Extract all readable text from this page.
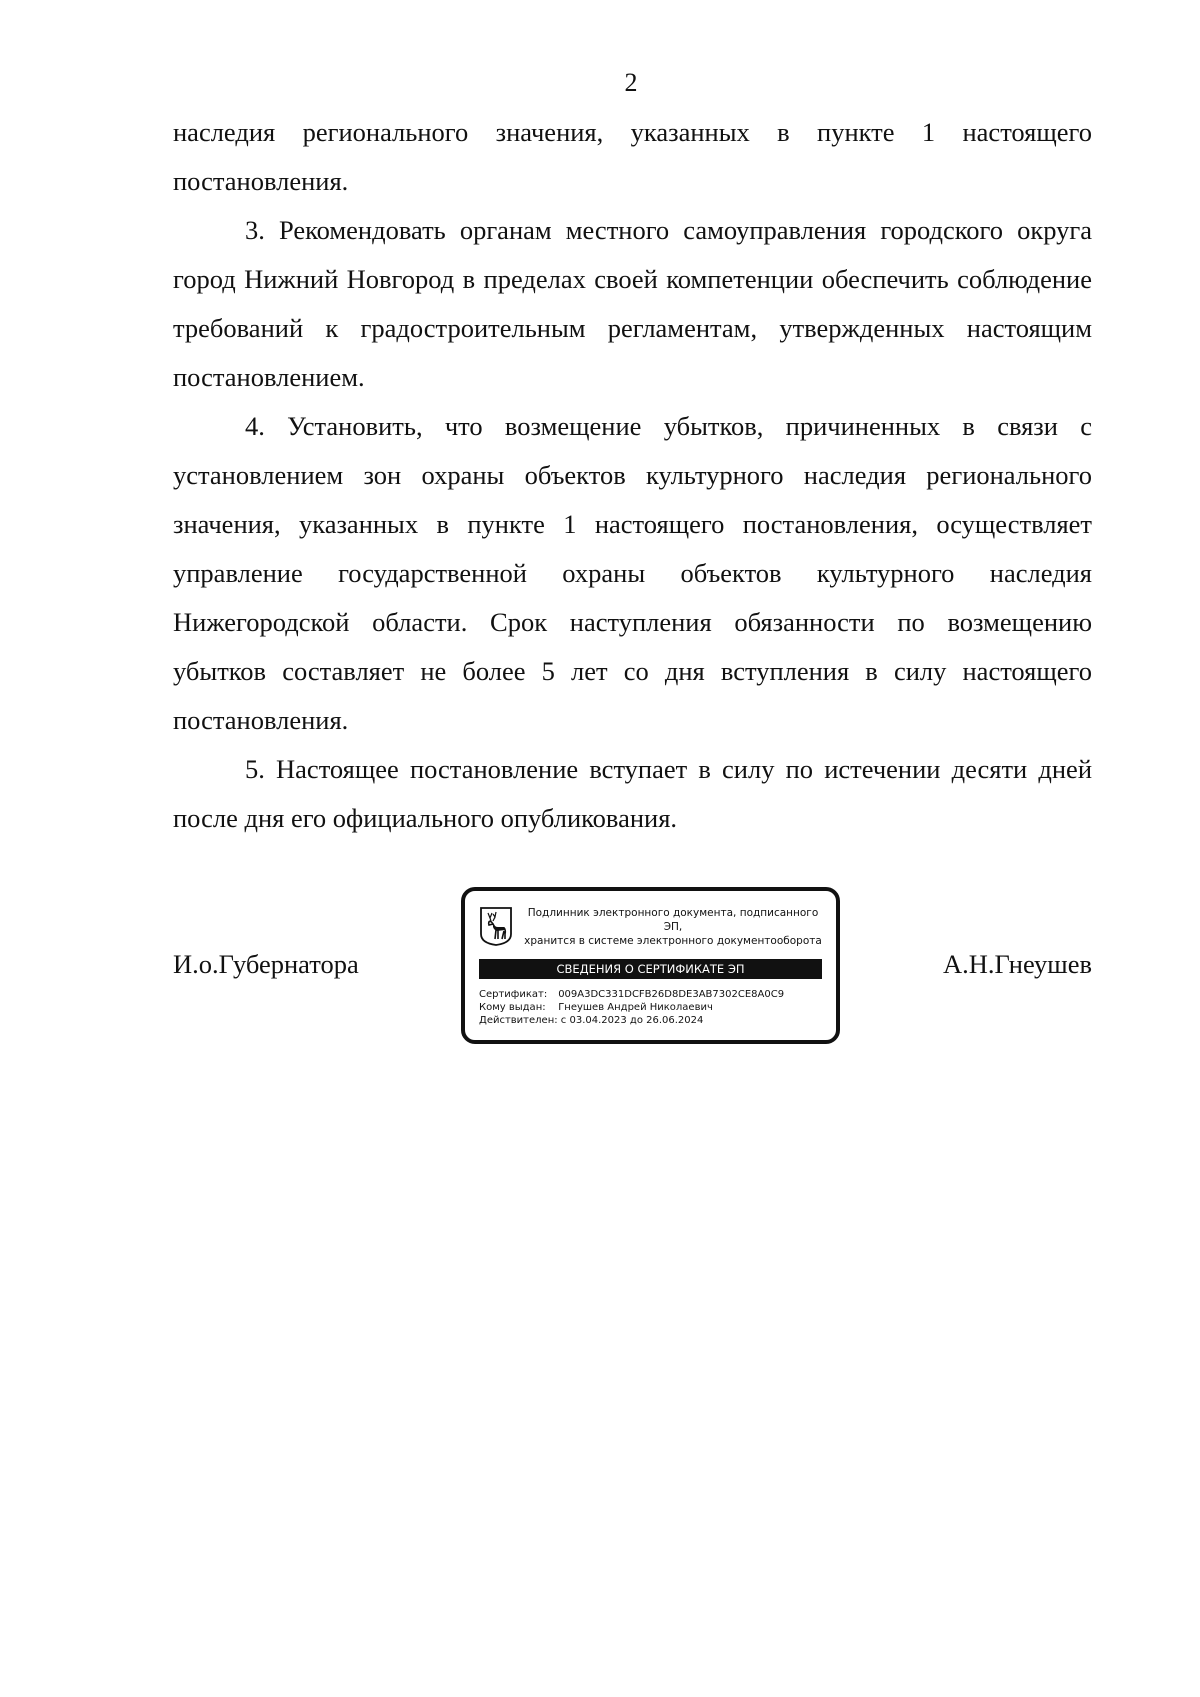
2

наследия регионального значения, указанных в пункте 1 настоящего постановления.

3. Рекомендовать органам местного самоуправления городского округа город Нижний Новгород в пределах своей компетенции обеспечить соблюдение требований к градостроительным регламентам, утвержденных настоящим постановлением.

4. Установить, что возмещение убытков, причиненных в связи с установлением зон охраны объектов культурного наследия регионального значения, указанных в пункте 1 настоящего постановления, осуществляет управление государственной охраны объектов культурного наследия Нижегородской области. Срок наступления обязанности по возмещению убытков составляет не более 5 лет со дня вступления в силу настоящего постановления.

5. Настоящее постановление вступает в силу по истечении десяти дней после дня его официального опубликования.

И.о.Губернатора
Подлинник электронного документа, подписанного ЭП,
хранится в системе электронного документооборота
СВЕДЕНИЯ О СЕРТИФИКАТЕ ЭП
Сертификат: 009A3DC331DCFB26D8DE3AB7302CE8A0C9
Кому выдан: Гнеушев Андрей Николаевич
Действителен: с 03.04.2023 до 26.06.2024
А.Н.Гнеушев
